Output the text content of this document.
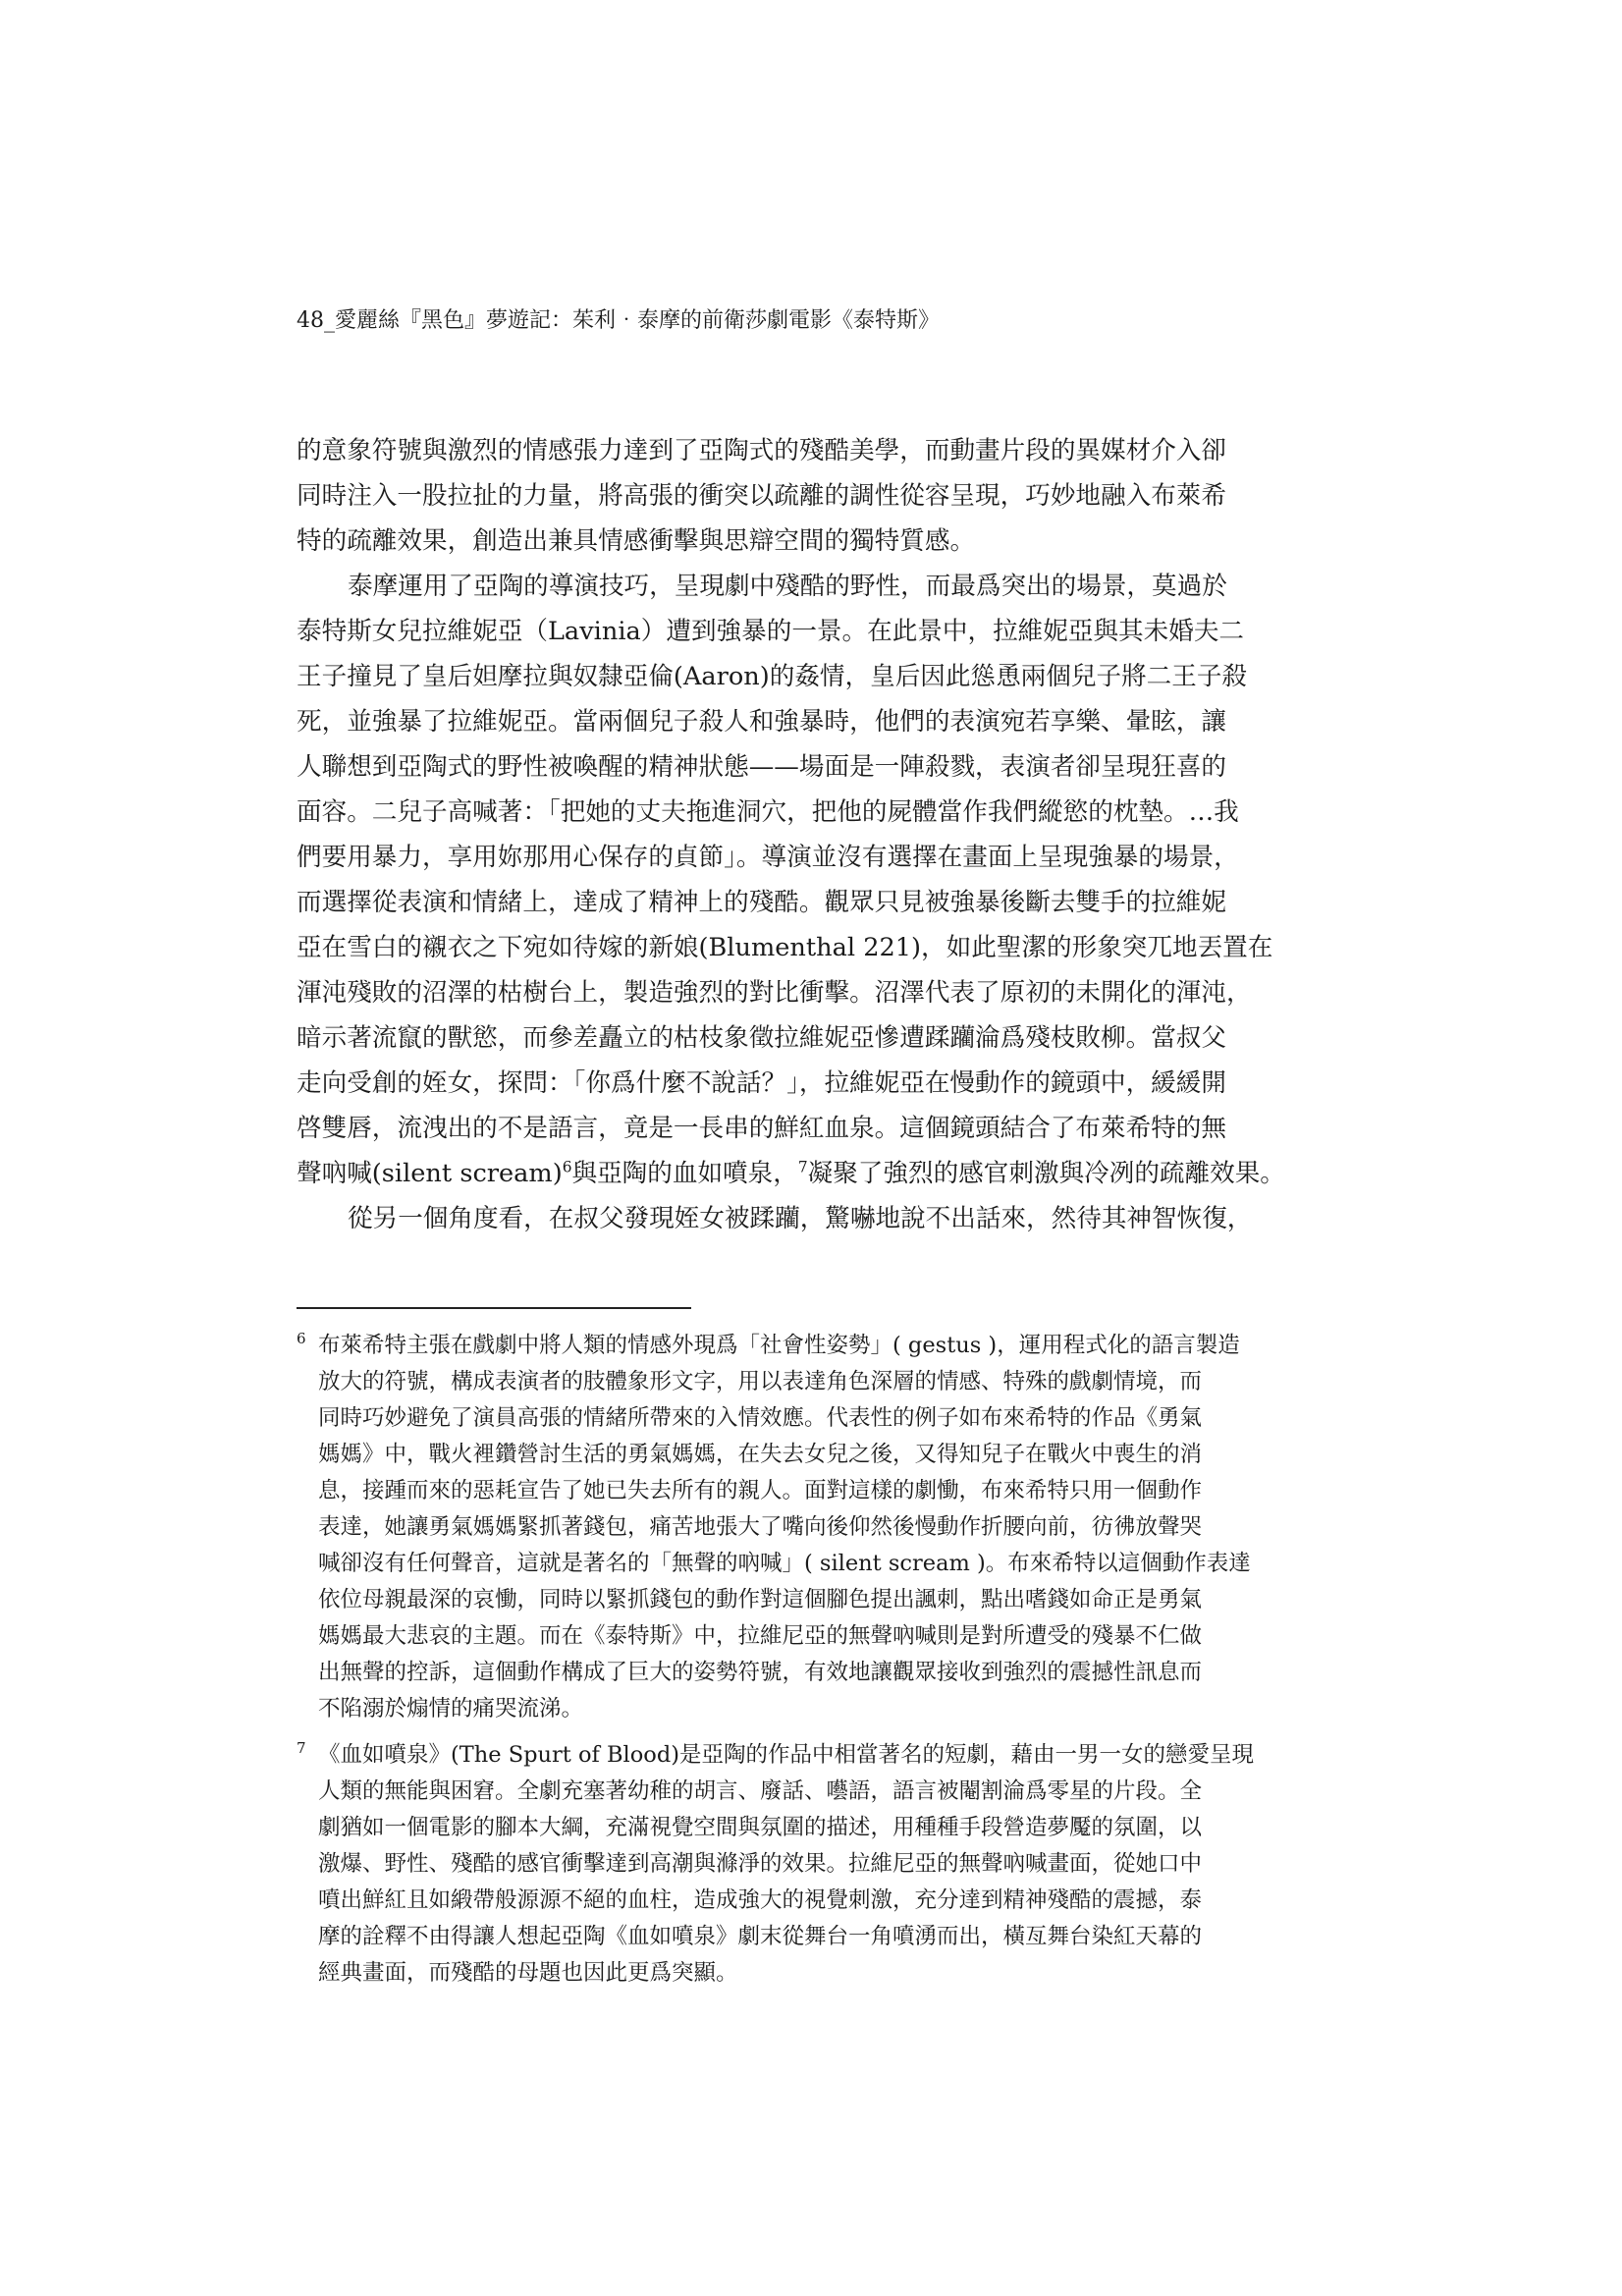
48_愛麗絲『黑色』夢遊記：茱利‧泰摩的前衛莎劇電影《泰特斯》
的意象符號與激烈的情感張力達到了亞陶式的殘酷美學，而動畫片段的異媒材介入卻
同時注入一股拉扯的力量，將高張的衝突以疏離的調性從容呈現，巧妙地融入布萊希
特的疏離效果，創造出兼具情感衝擊與思辯空間的獨特質感。
泰摩運用了亞陶的導演技巧，呈現劇中殘酷的野性，而最爲突出的場景，莫過於
泰特斯女兒拉維妮亞（Lavinia）遭到強暴的一景。在此景中，拉維妮亞與其未婚夫二
王子撞見了皇后妲摩拉與奴隸亞倫(Aaron)的姦情，皇后因此慫恿兩個兒子將二王子殺
死，並強暴了拉維妮亞。當兩個兒子殺人和強暴時，他們的表演宛若享樂、暈眩，讓
人聯想到亞陶式的野性被喚醒的精神狀態——場面是一陣殺戮，表演者卻呈現狂喜的
面容。二兒子高喊著：「把她的丈夫拖進洞穴，把他的屍體當作我們縱慾的枕墊。…我
們要用暴力，享用妳那用心保存的貞節」。導演並沒有選擇在畫面上呈現強暴的場景，
而選擇從表演和情緒上，達成了精神上的殘酷。觀眾只見被強暴後斷去雙手的拉維妮
亞在雪白的襯衣之下宛如待嫁的新娘(Blumenthal 221)，如此聖潔的形象突兀地丟置在
渾沌殘敗的沼澤的枯樹台上，製造強烈的對比衝擊。沼澤代表了原初的未開化的渾沌，
暗示著流竄的獸慾，而參差矗立的枯枝象徵拉維妮亞慘遭蹂躪淪爲殘枝敗柳。當叔父
走向受創的姪女，探問：「你爲什麼不說話？」，拉維妮亞在慢動作的鏡頭中，緩緩開
啓雙唇，流洩出的不是語言，竟是一長串的鮮紅血泉。這個鏡頭結合了布萊希特的無
聲吶喊(silent scream)$^6$與亞陶的血如噴泉，$^7$凝聚了強烈的感官刺激與冷冽的疏離效果。
從另一個角度看，在叔父發現姪女被蹂躪，驚嚇地說不出話來，然待其神智恢復，
6 布萊希特主張在戲劇中將人類的情感外現爲「社會性姿勢」( gestus )，運用程式化的語言製造
放大的符號，構成表演者的肢體象形文字，用以表達角色深層的情感、特殊的戲劇情境，而
同時巧妙避免了演員高張的情緒所帶來的入情效應。代表性的例子如布來希特的作品《勇氣
媽媽》中，戰火裡鑽營討生活的勇氣媽媽，在失去女兒之後，又得知兒子在戰火中喪生的消
息，接踵而來的惡耗宣告了她已失去所有的親人。面對這樣的劇慟，布來希特只用一個動作
表達，她讓勇氣媽媽緊抓著錢包，痛苦地張大了嘴向後仰然後慢動作折腰向前，彷彿放聲哭
喊卻沒有任何聲音，這就是著名的「無聲的吶喊」( silent scream )。布來希特以這個動作表達
依位母親最深的哀慟，同時以緊抓錢包的動作對這個腳色提出諷刺，點出嗜錢如命正是勇氣
媽媽最大悲哀的主題。而在《泰特斯》中，拉維尼亞的無聲吶喊則是對所遭受的殘暴不仁做
出無聲的控訴，這個動作構成了巨大的姿勢符號，有效地讓觀眾接收到強烈的震撼性訊息而
不陷溺於煽情的痛哭流涕。
7 《血如噴泉》(The Spurt of Blood)是亞陶的作品中相當著名的短劇，藉由一男一女的戀愛呈現
人類的無能與困窘。全劇充塞著幼稚的胡言、廢話、囈語，語言被閹割淪爲零星的片段。全
劇猶如一個電影的腳本大綱，充滿視覺空間與氛圍的描述，用種種手段營造夢魘的氛圍，以
激爆、野性、殘酷的感官衝擊達到高潮與滌淨的效果。拉維尼亞的無聲吶喊畫面，從她口中
噴出鮮紅且如緞帶般源源不絕的血柱，造成強大的視覺刺激，充分達到精神殘酷的震撼，泰
摩的詮釋不由得讓人想起亞陶《血如噴泉》劇末從舞台一角噴湧而出，橫亙舞台染紅天幕的
經典畫面，而殘酷的母題也因此更爲突顯。
